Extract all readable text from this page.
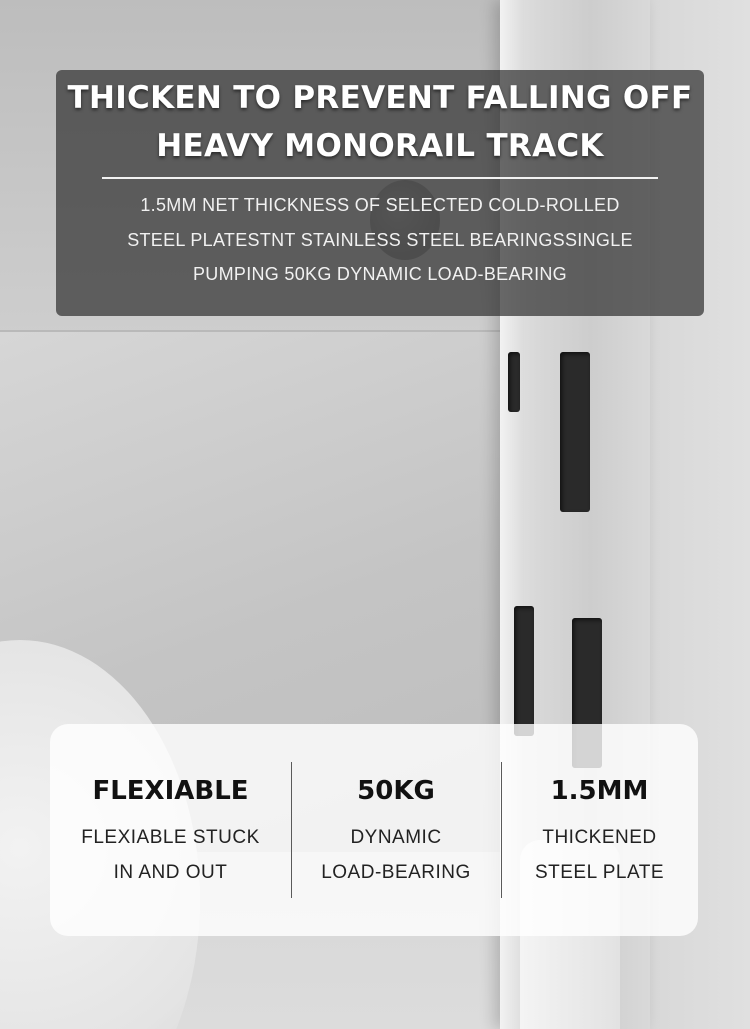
THICKEN TO PREVENT FALLING OFF
HEAVY MONORAIL TRACK

1.5MM NET THICKNESS OF SELECTED COLD-ROLLED

STEEL PLATESTNT STAINLESS STEEL BEARINGSSINGLE

PUMPING 50KG DYNAMIC LOAD-BEARING

FLEXIABLE

FLEXIABLE STUCK

IN AND OUT

50KG

DYNAMIC

LOAD-BEARING

1.5MM

THICKENED

STEEL PLATE
